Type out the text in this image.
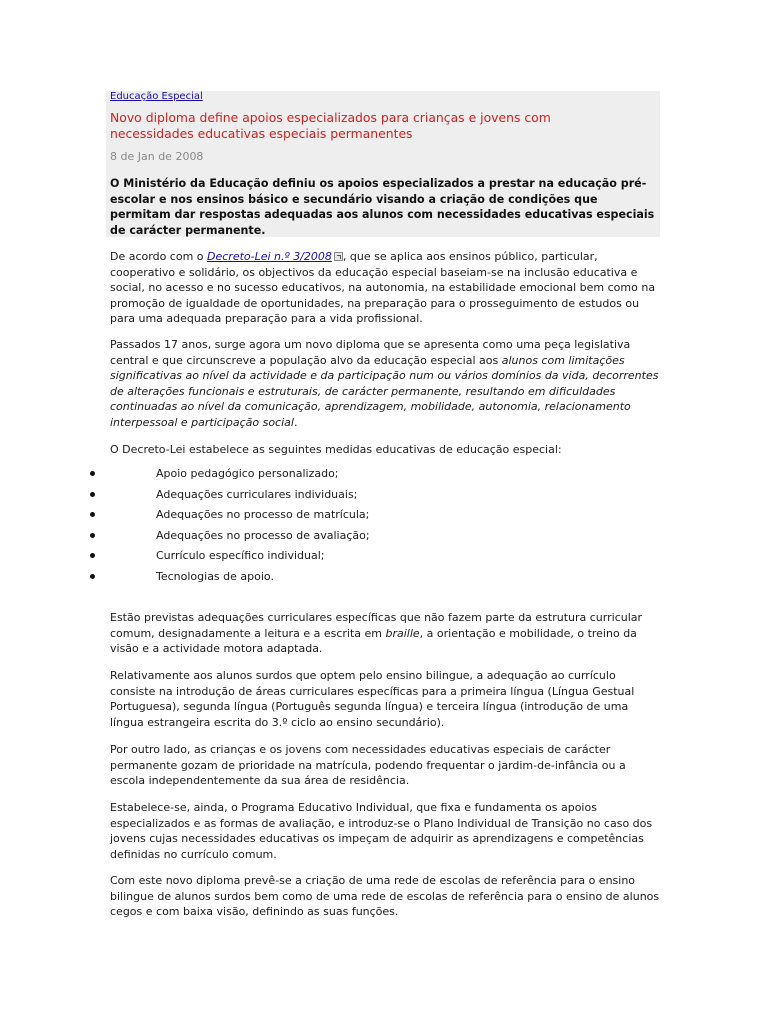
Educação Especial
Novo diploma define apoios especializados para crianças e jovens com necessidades educativas especiais permanentes
8 de Jan de 2008

O Ministério da Educação definiu os apoios especializados a prestar na educação pré-escolar e nos ensinos básico e secundário visando a criação de condições que permitam dar respostas adequadas aos alunos com necessidades educativas especiais de carácter permanente.

De acordo com o Decreto-Lei n.º 3/2008 , que se aplica aos ensinos público, particular, cooperativo e solidário, os objectivos da educação especial baseiam-se na inclusão educativa e social, no acesso e no sucesso educativos, na autonomia, na estabilidade emocional bem como na promoção de igualdade de oportunidades, na preparação para o prosseguimento de estudos ou para uma adequada preparação para a vida profissional.

Passados 17 anos, surge agora um novo diploma que se apresenta como uma peça legislativa central e que circunscreve a população alvo da educação especial aos alunos com limitações significativas ao nível da actividade e da participação num ou vários domínios da vida, decorrentes de alterações funcionais e estruturais, de carácter permanente, resultando em dificuldades continuadas ao nível da comunicação, aprendizagem, mobilidade, autonomia, relacionamento interpessoal e participação social.

O Decreto-Lei estabelece as seguintes medidas educativas de educação especial:

Apoio pedagógico personalizado;
Adequações curriculares individuais;
Adequações no processo de matrícula;
Adequações no processo de avaliação;
Currículo específico individual;
Tecnologias de apoio.

Estão previstas adequações curriculares específicas que não fazem parte da estrutura curricular comum, designadamente a leitura e a escrita em braille, a orientação e mobilidade, o treino da visão e a actividade motora adaptada.

Relativamente aos alunos surdos que optem pelo ensino bilingue, a adequação ao currículo consiste na introdução de áreas curriculares específicas para a primeira língua (Língua Gestual Portuguesa), segunda língua (Português segunda língua) e terceira língua (introdução de uma língua estrangeira escrita do 3.º ciclo ao ensino secundário).

Por outro lado, as crianças e os jovens com necessidades educativas especiais de carácter permanente gozam de prioridade na matrícula, podendo frequentar o jardim-de-infância ou a escola independentemente da sua área de residência.

Estabelece-se, ainda, o Programa Educativo Individual, que fixa e fundamenta os apoios especializados e as formas de avaliação, e introduz-se o Plano Individual de Transição no caso dos jovens cujas necessidades educativas os impeçam de adquirir as aprendizagens e competências definidas no currículo comum.

Com este novo diploma prevê-se a criação de uma rede de escolas de referência para o ensino bilingue de alunos surdos bem como de uma rede de escolas de referência para o ensino de alunos cegos e com baixa visão, definindo as suas funções.
